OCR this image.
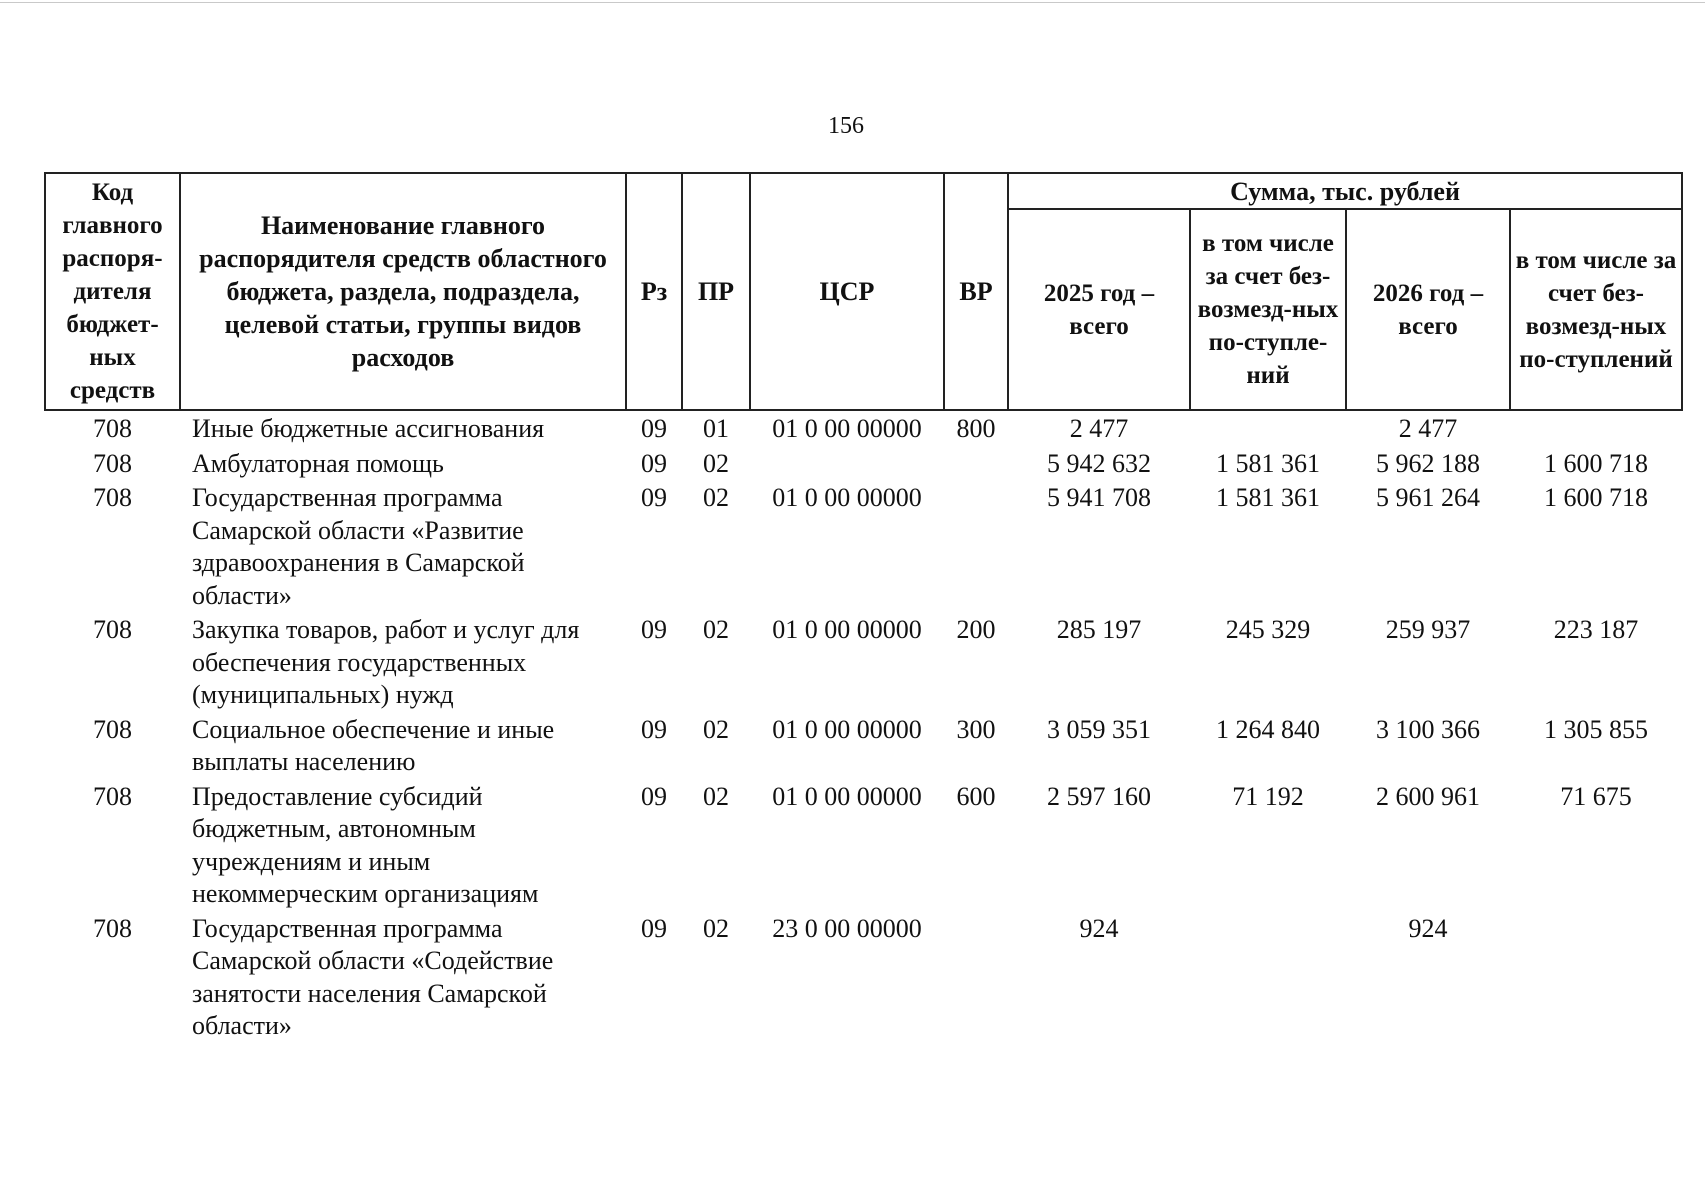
156
Код главного распоря-дителя бюджет-ных средств	Наименование главного распорядителя средств областного бюджета, раздела, подраздела, целевой статьи, группы видов расходов	Рз	ПР	ЦСР	ВР	Сумма, тыс. рублей			
						2025 год – всего	в том числе за счет без-возмезд-ных по-ступле-ний	2026 год – всего	в том числе за счет без-возмезд-ных по-ступлений
708	Иные бюджетные ассигнования	09	01	01 0 00 00000	800	2 477		2 477	
708	Амбулаторная помощь	09	02			5 942 632	1 581 361	5 962 188	1 600 718
708	Государственная программа Самарской области «Развитие здравоохранения в Самарской области»	09	02	01 0 00 00000		5 941 708	1 581 361	5 961 264	1 600 718
708	Закупка товаров, работ и услуг для обеспечения государственных (муниципальных) нужд	09	02	01 0 00 00000	200	285 197	245 329	259 937	223 187
708	Социальное обеспечение и иные выплаты населению	09	02	01 0 00 00000	300	3 059 351	1 264 840	3 100 366	1 305 855
708	Предоставление субсидий бюджетным, автономным учреждениям и иным некоммерческим организациям	09	02	01 0 00 00000	600	2 597 160	71 192	2 600 961	71 675
708	Государственная программа Самарской области «Содействие занятости населения Самарской области»	09	02	23 0 00 00000		924		924	
